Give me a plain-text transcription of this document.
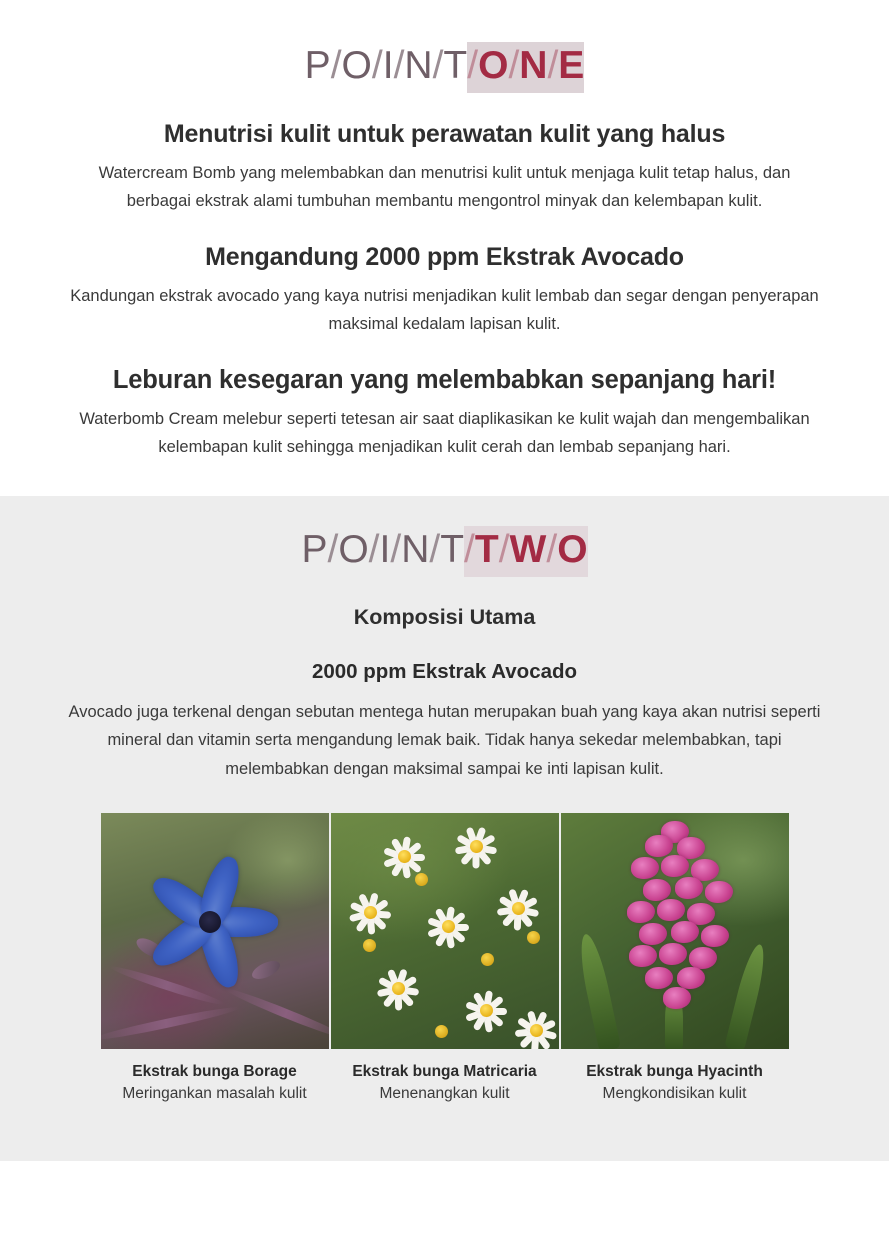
P/O/I/N/T/O/N/E
Menutrisi kulit untuk perawatan kulit yang halus

Watercream Bomb yang melembabkan dan menutrisi kulit untuk menjaga kulit tetap halus, dan berbagai ekstrak alami tumbuhan membantu mengontrol minyak dan kelembapan kulit.

Mengandung 2000 ppm Ekstrak Avocado

Kandungan ekstrak avocado yang kaya nutrisi menjadikan kulit lembab dan segar dengan penyerapan maksimal kedalam lapisan kulit.

Leburan kesegaran yang melembabkan sepanjang hari!

Waterbomb Cream melebur seperti tetesan air saat diaplikasikan ke kulit wajah dan mengembalikan kelembapan kulit sehingga menjadikan kulit cerah dan lembab sepanjang hari.

P/O/I/N/T/T/W/O
Komposisi Utama
2000 ppm Ekstrak Avocado

Avocado juga terkenal dengan sebutan mentega hutan merupakan buah yang kaya akan nutrisi seperti mineral dan vitamin serta mengandung lemak baik. Tidak hanya sekedar melembabkan, tapi melembabkan dengan maksimal sampai ke inti lapisan kulit.

Ekstrak bunga Borage

Meringankan masalah kulit

Ekstrak bunga Matricaria

Menenangkan kulit

Ekstrak bunga Hyacinth

Mengkondisikan kulit
